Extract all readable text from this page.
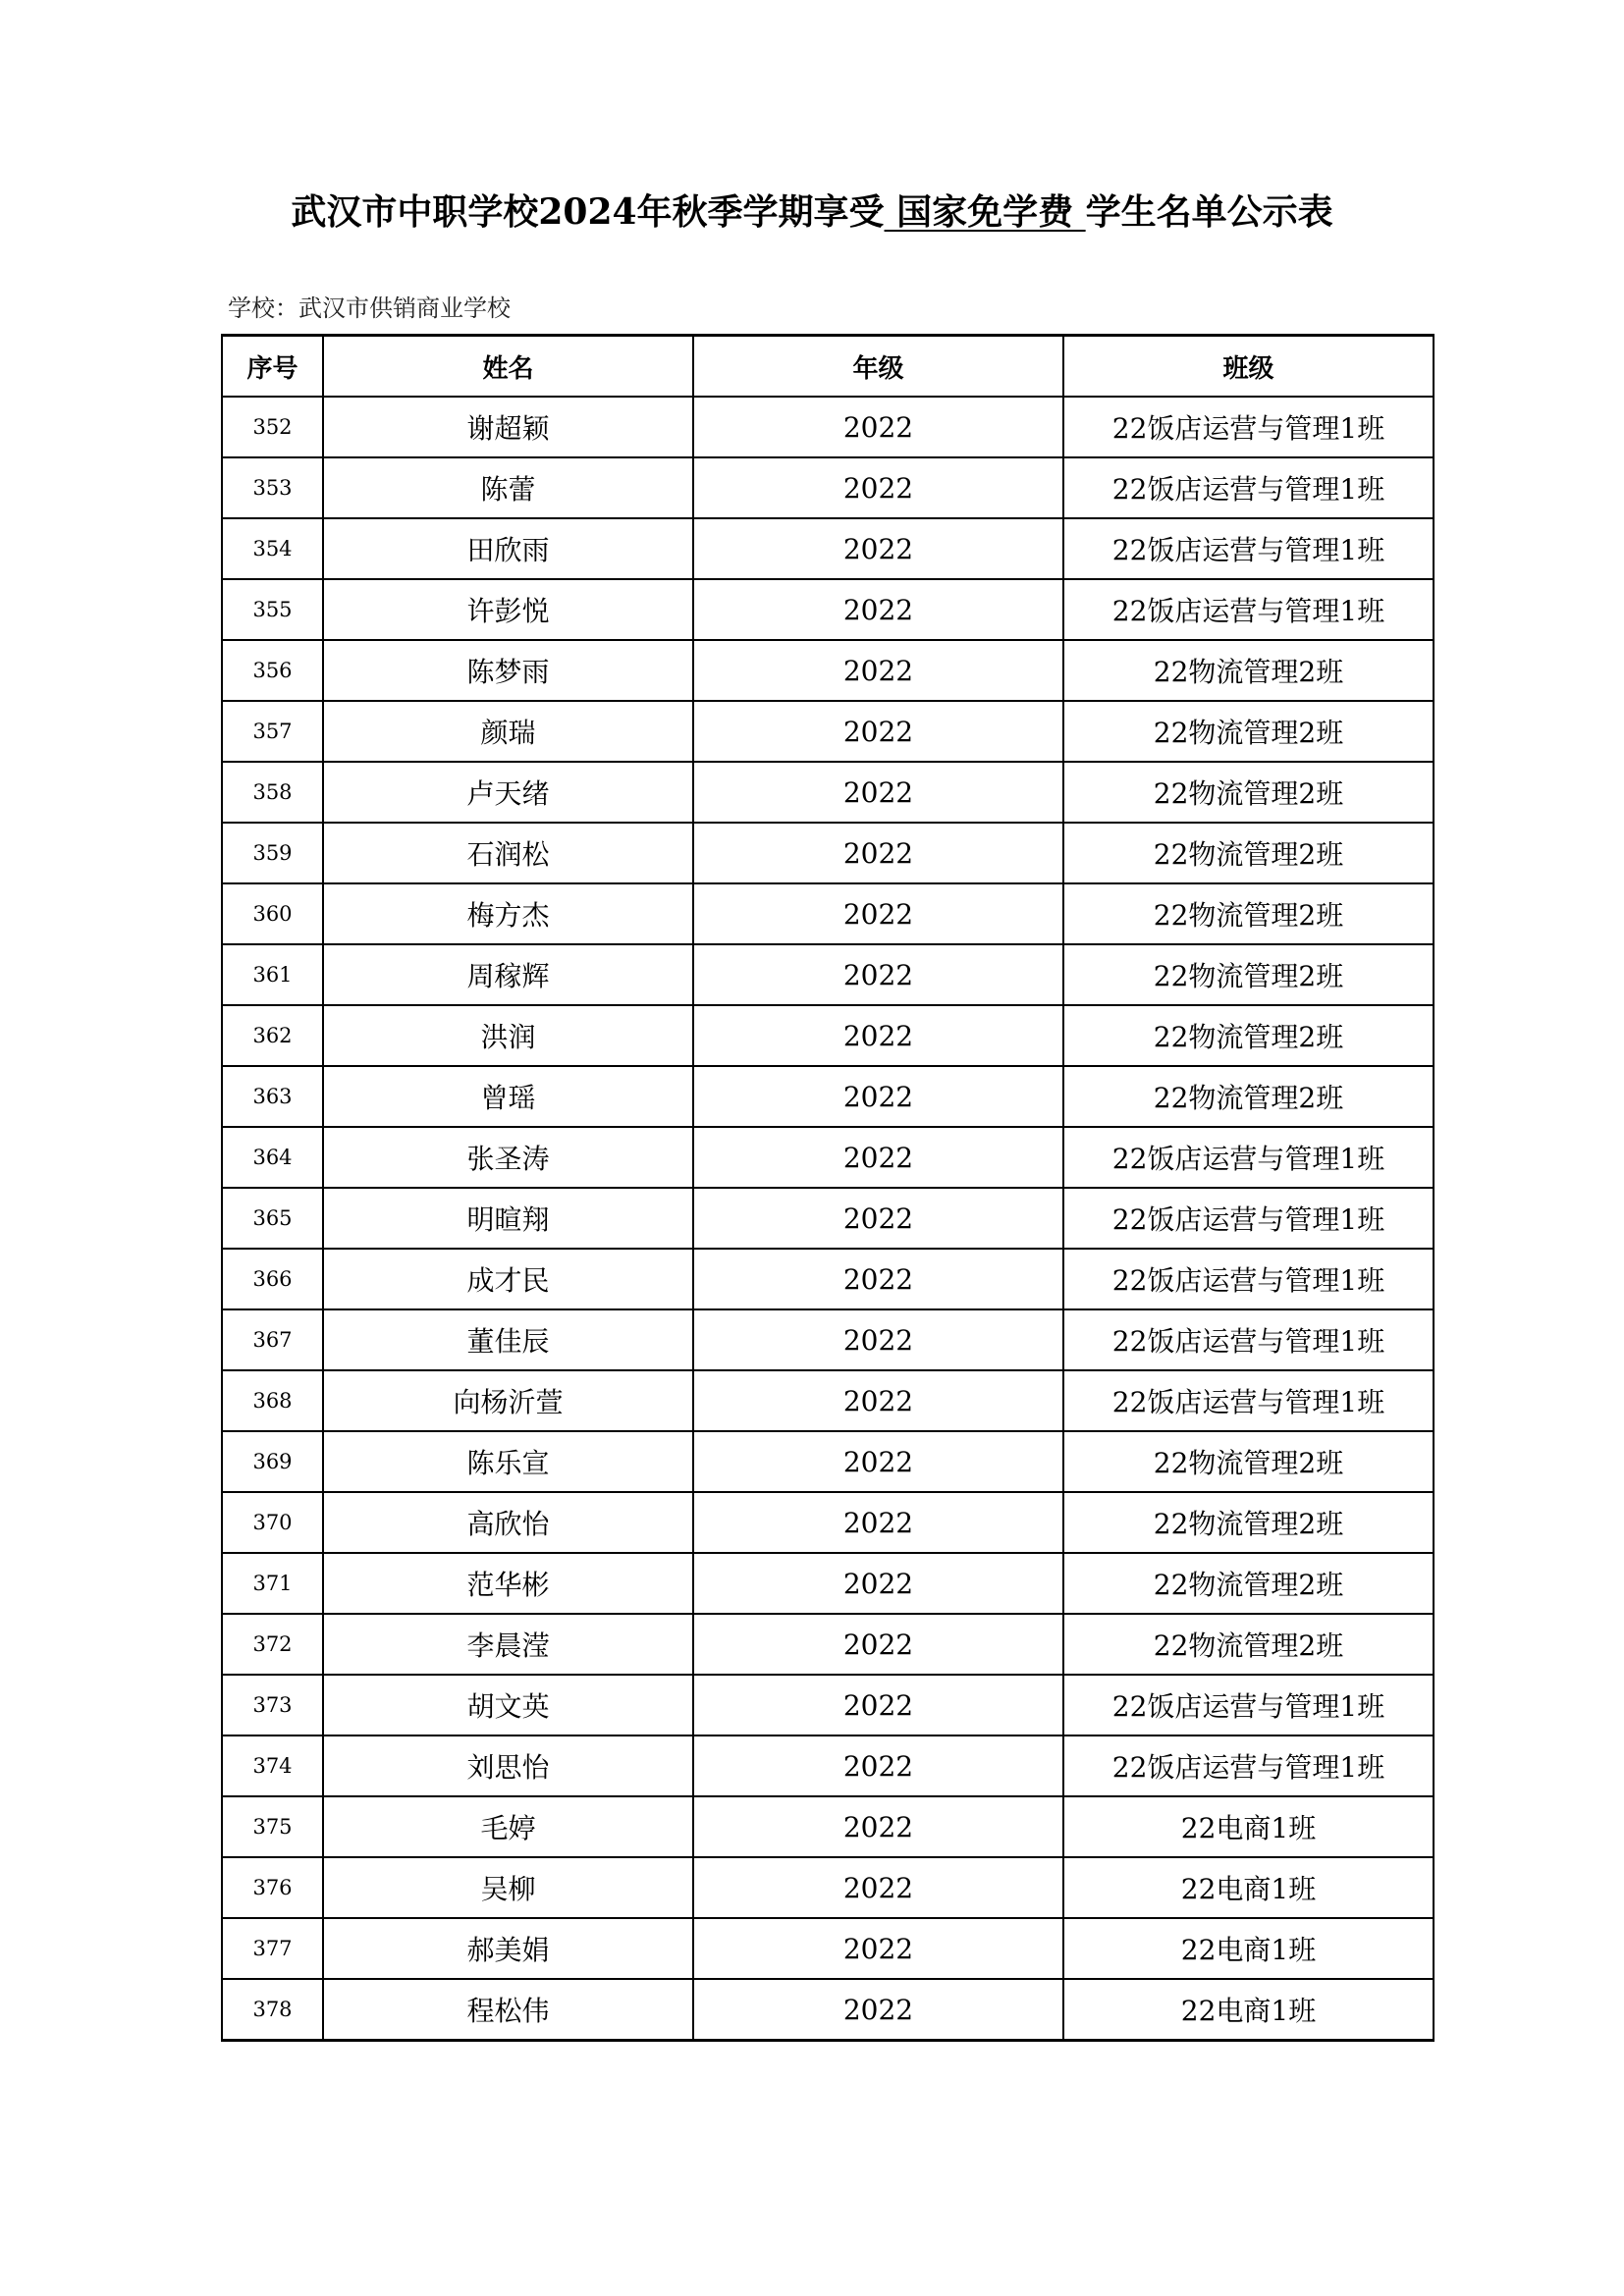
武汉市中职学校2024年秋季学期享受 国家免学费 学生名单公示表
学校：武汉市供销商业学校
序号	姓名	年级	班级
352	谢超颖	2022	22饭店运营与管理1班
353	陈蕾	2022	22饭店运营与管理1班
354	田欣雨	2022	22饭店运营与管理1班
355	许彭悦	2022	22饭店运营与管理1班
356	陈梦雨	2022	22物流管理2班
357	颜瑞	2022	22物流管理2班
358	卢天绪	2022	22物流管理2班
359	石润松	2022	22物流管理2班
360	梅方杰	2022	22物流管理2班
361	周稼辉	2022	22物流管理2班
362	洪润	2022	22物流管理2班
363	曾瑶	2022	22物流管理2班
364	张圣涛	2022	22饭店运营与管理1班
365	明暄翔	2022	22饭店运营与管理1班
366	成才民	2022	22饭店运营与管理1班
367	董佳辰	2022	22饭店运营与管理1班
368	向杨沂萱	2022	22饭店运营与管理1班
369	陈乐宣	2022	22物流管理2班
370	高欣怡	2022	22物流管理2班
371	范华彬	2022	22物流管理2班
372	李晨滢	2022	22物流管理2班
373	胡文英	2022	22饭店运营与管理1班
374	刘思怡	2022	22饭店运营与管理1班
375	毛婷	2022	22电商1班
376	吴柳	2022	22电商1班
377	郝美娟	2022	22电商1班
378	程松伟	2022	22电商1班
